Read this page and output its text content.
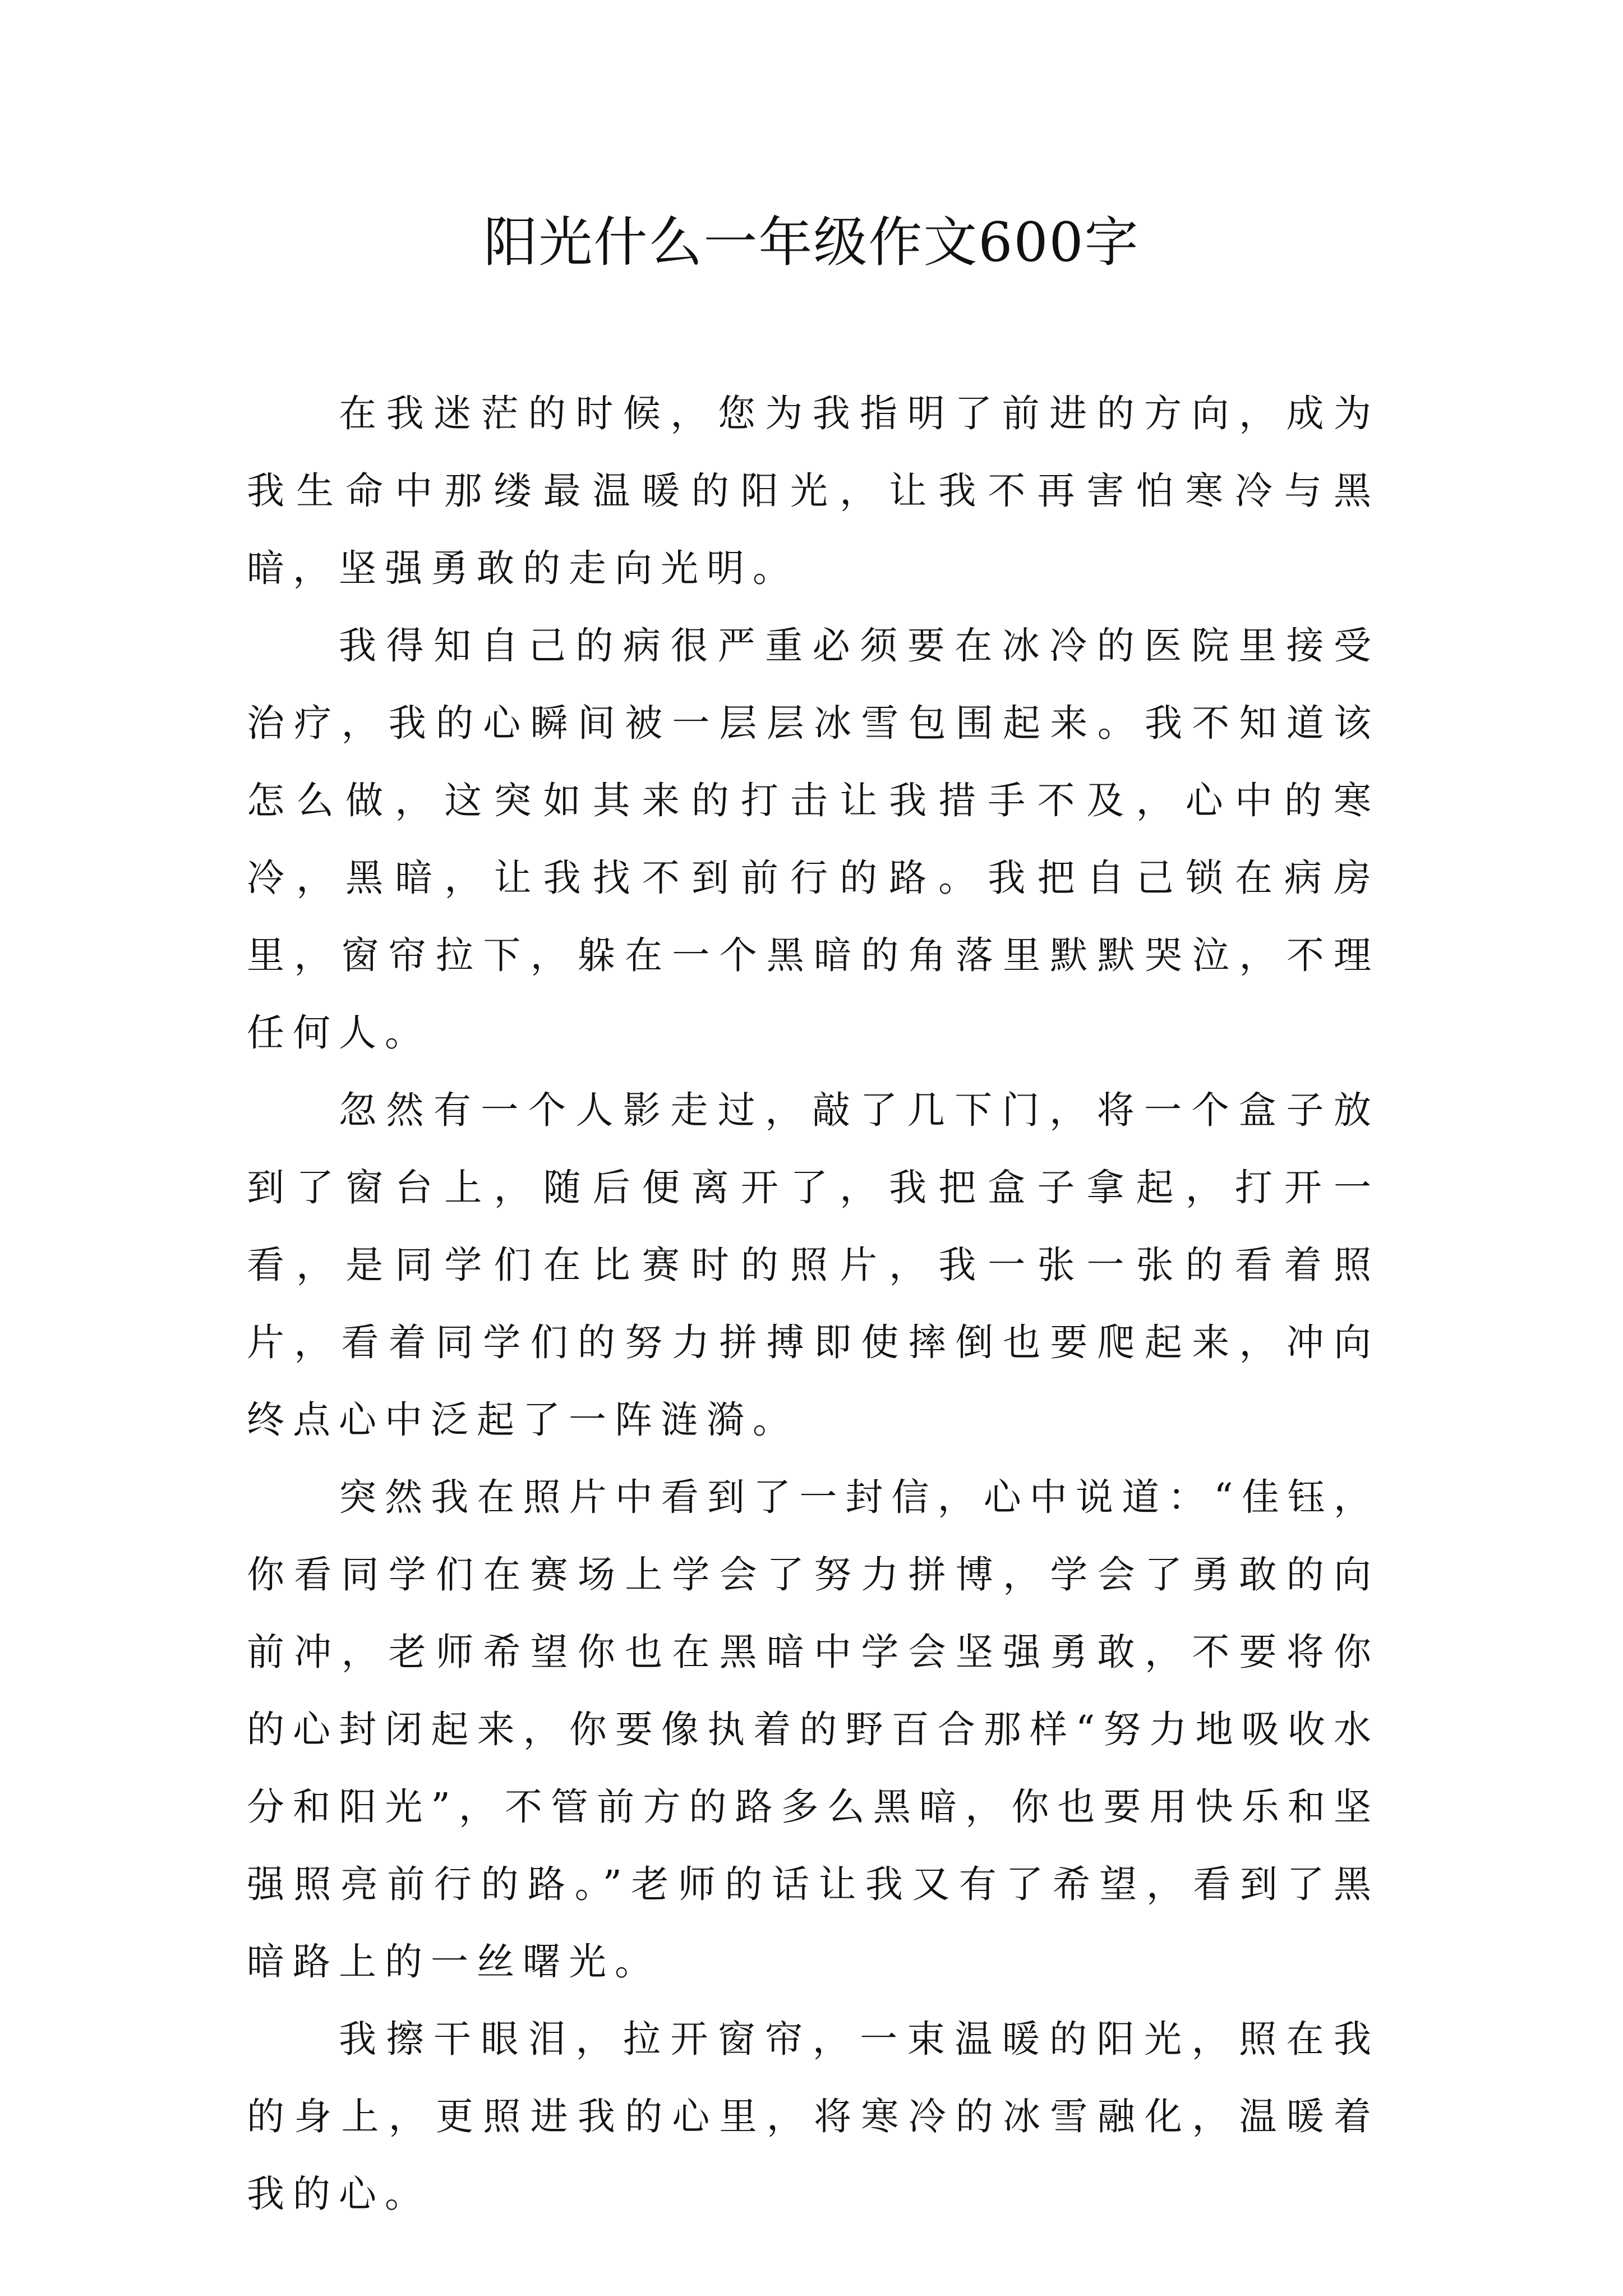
阳光什么一年级作文600字

在我迷茫的时候，您为我指明了前进的方向，成为我生命中那缕最温暖的阳光，让我不再害怕寒冷与黑暗，坚强勇敢的走向光明。

我得知自己的病很严重必须要在冰冷的医院里接受治疗，我的心瞬间被一层层冰雪包围起来。我不知道该怎么做，这突如其来的打击让我措手不及，心中的寒冷，黑暗，让我找不到前行的路。我把自己锁在病房里，窗帘拉下，躲在一个黑暗的角落里默默哭泣，不理任何人。

忽然有一个人影走过，敲了几下门，将一个盒子放到了窗台上，随后便离开了，我把盒子拿起，打开一看，是同学们在比赛时的照片，我一张一张的看着照片，看着同学们的努力拼搏即使摔倒也要爬起来，冲向终点心中泛起了一阵涟漪。

突然我在照片中看到了一封信，心中说道：“佳钰，你看同学们在赛场上学会了努力拼博，学会了勇敢的向前冲，老师希望你也在黑暗中学会坚强勇敢，不要将你的心封闭起来，你要像执着的野百合那样“努力地吸收水分和阳光”，不管前方的路多么黑暗，你也要用快乐和坚强照亮前行的路。”老师的话让我又有了希望，看到了黑暗路上的一丝曙光。

我擦干眼泪，拉开窗帘，一束温暖的阳光，照在我的身上，更照进我的心里，将寒冷的冰雪融化，温暖着我的心。
